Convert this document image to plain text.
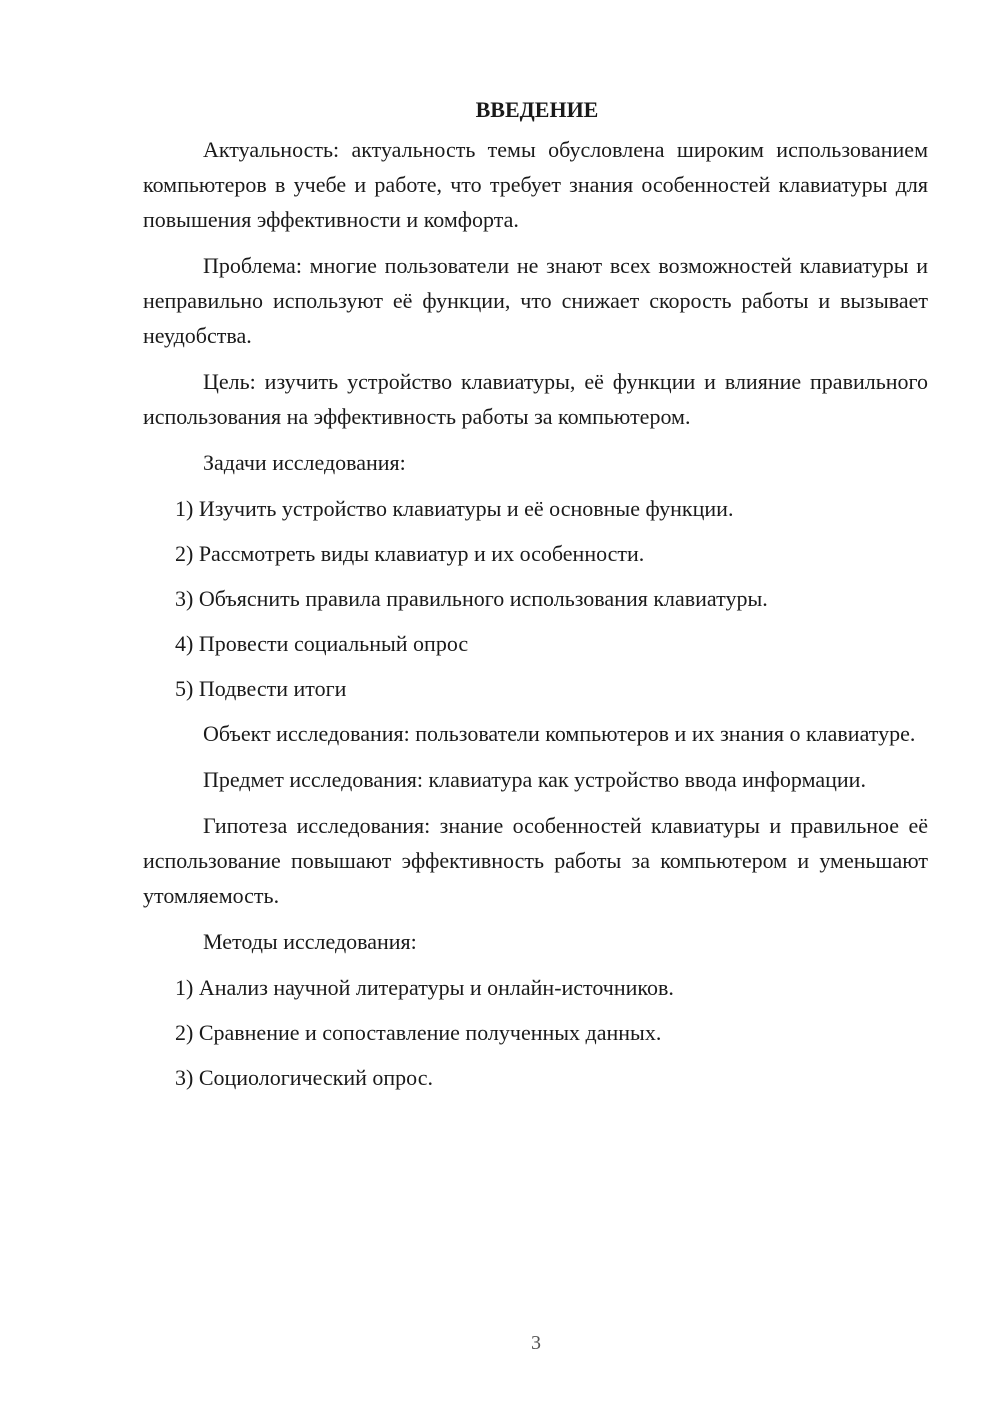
ВВЕДЕНИЕ

Актуальность: актуальность темы обусловлена широким использованием компьютеров в учебе и работе, что требует знания особенностей клавиатуры для повышения эффективности и комфорта.

Проблема: многие пользователи не знают всех возможностей клавиатуры и неправильно используют её функции, что снижает скорость работы и вызывает неудобства.

Цель: изучить устройство клавиатуры, её функции и влияние правильного использования на эффективность работы за компьютером.

Задачи исследования:

1) Изучить устройство клавиатуры и её основные функции.

2) Рассмотреть виды клавиатур и их особенности.

3) Объяснить правила правильного использования клавиатуры.

4) Провести социальный опрос

5) Подвести итоги

Объект исследования: пользователи компьютеров и их знания о клавиатуре.

Предмет исследования: клавиатура как устройство ввода информации.

Гипотеза исследования: знание особенностей клавиатуры и правильное её использование повышают эффективность работы за компьютером и уменьшают утомляемость.

Методы исследования:

1) Анализ научной литературы и онлайн-источников.

2) Сравнение и сопоставление полученных данных.

3) Социологический опрос.

3
